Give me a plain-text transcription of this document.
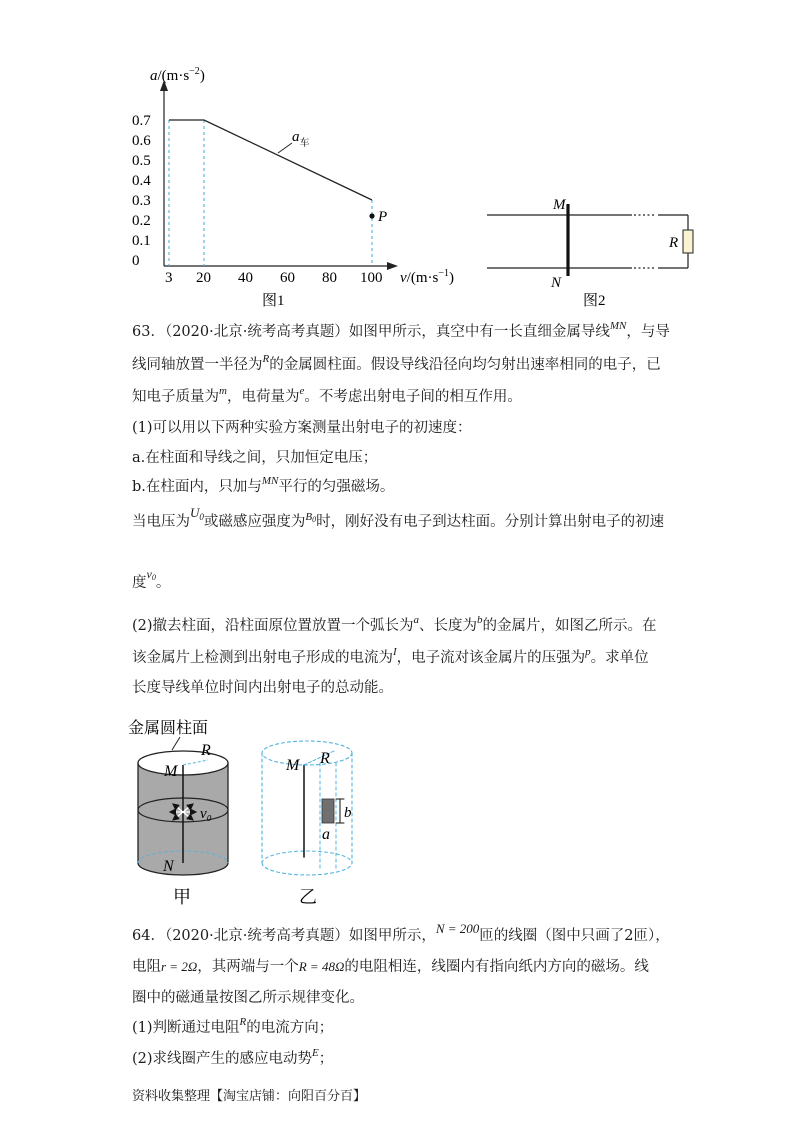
$a/(m\cdot s^{-2})$
$v/(m\cdot s^{-1})$
0
0.1
0.2
0.3
0.4
0.5
0.6
0.7
3 20 40 60 80 100
P
$a_车$
图1
M
N
R
图2
63．（2020·北京·统考高考真题）如图甲所示，真空中有一长直细金属导线$^{MN}$，与导
线同轴放置一半径为$^R$的金属圆柱面。假设导线沿径向均匀射出速率相同的电子，已
知电子质量为$^m$，电荷量为$^e$。不考虑出射电子间的相互作用。
(1)可以用以下两种实验方案测量出射电子的初速度：
a.在柱面和导线之间，只加恒定电压；
b.在柱面内，只加与$^{MN}$平行的匀强磁场。
当电压为$U_0$或磁感应强度为$^{B0}$时，刚好没有电子到达柱面。分别计算出射电子的初速
度$^{v0}$。
(2)撤去柱面，沿柱面原位置放置一个弧长为$^a$、长度为$^b$的金属片，如图乙所示。在
该金属片上检测到出射电子形成的电流为$^I$，电子流对该金属片的压强为$^p$。求单位
长度导线单位时间内出射电子的总动能。
金属圆柱面
M
R
v₀
N
甲
M R
b
a
乙
64．（2020·北京·统考高考真题）如图甲所示，N = 200匝的线圈（图中只画了2匝），
电阻r = 2Ω，其两端与一个R = 48Ω的电阻相连，线圈内有指向纸内方向的磁场。线
圈中的磁通量按图乙所示规律变化。
(1)判断通过电阻$^R$的电流方向；
(2)求线圈产生的感应电动势$^E$；
资料收集整理【淘宝店铺：向阳百分百】
